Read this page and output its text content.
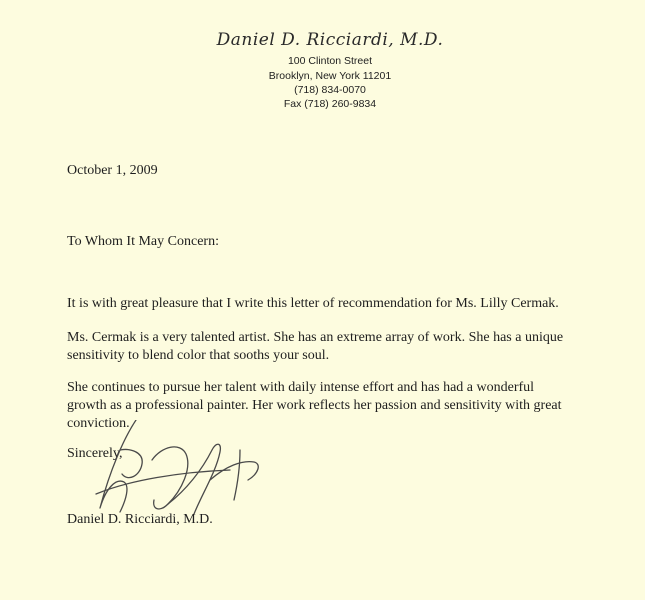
Daniel D. Ricciardi, M.D.
100 Clinton Street
Brooklyn, New York 11201
(718) 834-0070
Fax (718) 260-9834
October 1, 2009
To Whom It May Concern:
It is with great pleasure that I write this letter of recommendation for Ms. Lilly Cermak.
Ms. Cermak is a very talented artist. She has an extreme array of work. She has a unique
sensitivity to blend color that sooths your soul.
She continues to pursue her talent with daily intense effort and has had a wonderful
growth as a professional painter. Her work reflects her passion and sensitivity with great
conviction.
Sincerely,
Daniel D. Ricciardi, M.D.
